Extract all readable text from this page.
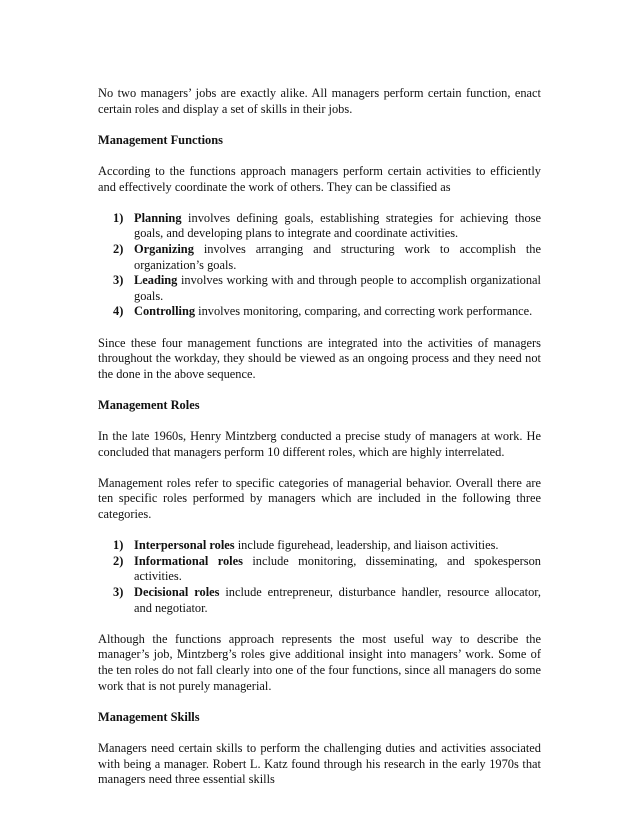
No two managers’ jobs are exactly alike. All managers perform certain function, enact certain roles and display a set of skills in their jobs.

Management Functions

According to the functions approach managers perform certain activities to efficiently and effectively coordinate the work of others. They can be classified as

1) Planning involves defining goals, establishing strategies for achieving those goals, and developing plans to integrate and coordinate activities.
2) Organizing involves arranging and structuring work to accomplish the organization’s goals.
3) Leading involves working with and through people to accomplish organizational goals.
4) Controlling involves monitoring, comparing, and correcting work performance.

Since these four management functions are integrated into the activities of managers throughout the workday, they should be viewed as an ongoing process and they need not the done in the above sequence.

Management Roles

In the late 1960s, Henry Mintzberg conducted a precise study of managers at work. He concluded that managers perform 10 different roles, which are highly interrelated.

Management roles refer to specific categories of managerial behavior. Overall there are ten specific roles performed by managers which are included in the following three categories.

1) Interpersonal roles include figurehead, leadership, and liaison activities.
2) Informational roles include monitoring, disseminating, and spokesperson activities.
3) Decisional roles include entrepreneur, disturbance handler, resource allocator, and negotiator.

Although the functions approach represents the most useful way to describe the manager’s job, Mintzberg’s roles give additional insight into managers’ work. Some of the ten roles do not fall clearly into one of the four functions, since all managers do some work that is not purely managerial.

Management Skills

Managers need certain skills to perform the challenging duties and activities associated with being a manager. Robert L. Katz found through his research in the early 1970s that managers need three essential skills
